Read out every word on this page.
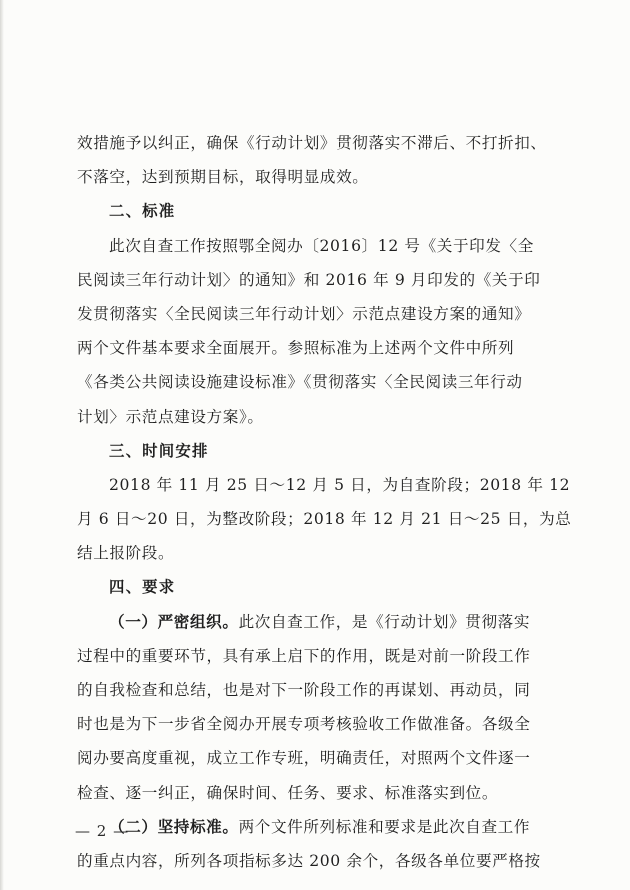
效措施予以纠正，确保《行动计划》贯彻落实不滞后、不打折扣、
不落空，达到预期目标，取得明显成效。
二、标准
此次自查工作按照鄂全阅办〔2016〕12 号《关于印发〈全
民阅读三年行动计划〉的通知》和 2016 年 9 月印发的《关于印
发贯彻落实〈全民阅读三年行动计划〉示范点建设方案的通知》
两个文件基本要求全面展开。参照标准为上述两个文件中所列
《各类公共阅读设施建设标准》《贯彻落实〈全民阅读三年行动
计划〉示范点建设方案》。
三、时间安排
2018 年 11 月 25 日～12 月 5 日，为自查阶段；2018 年 12
月 6 日～20 日，为整改阶段；2018 年 12 月 21 日～25 日，为总
结上报阶段。
四、要求
（一）严密组织。此次自查工作，是《行动计划》贯彻落实
过程中的重要环节，具有承上启下的作用，既是对前一阶段工作
的自我检查和总结，也是对下一阶段工作的再谋划、再动员，同
时也是为下一步省全阅办开展专项考核验收工作做准备。各级全
阅办要高度重视，成立工作专班，明确责任，对照两个文件逐一
检查、逐一纠正，确保时间、任务、要求、标准落实到位。
（二）坚持标准。两个文件所列标准和要求是此次自查工作
的重点内容，所列各项指标多达 200 余个，各级各单位要严格按
— 2 —
